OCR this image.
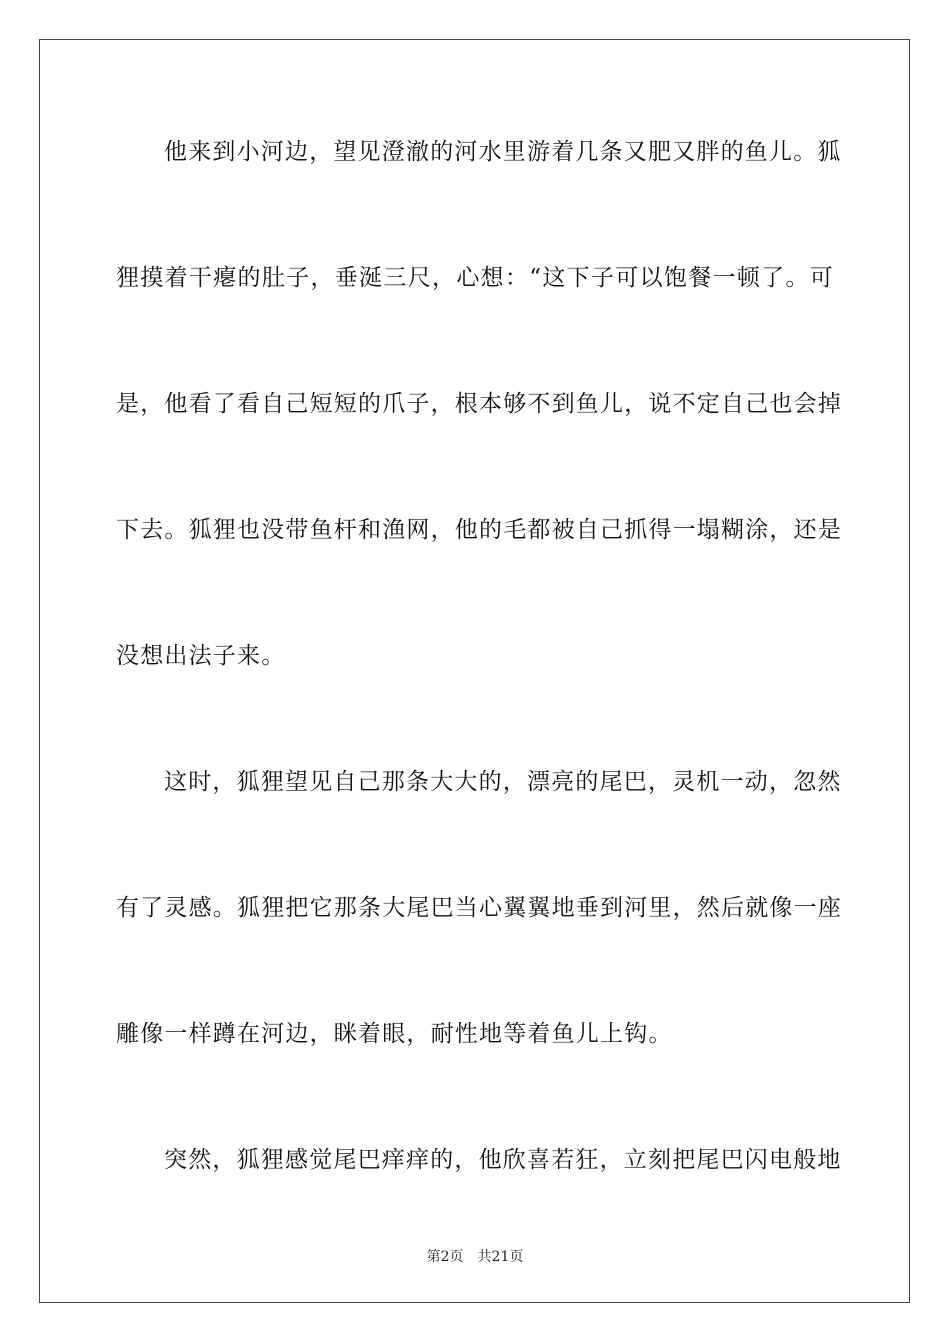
他来到小河边，望见澄澈的河水里游着几条又肥又胖的鱼儿。狐
狸摸着干瘪的肚子，垂涎三尺，心想：“这下子可以饱餐一顿了。可
是，他看了看自己短短的爪子，根本够不到鱼儿，说不定自己也会掉
下去。狐狸也没带鱼杆和渔网，他的毛都被自己抓得一塌糊涂，还是
没想出法子来。
这时，狐狸望见自己那条大大的，漂亮的尾巴，灵机一动，忽然
有了灵感。狐狸把它那条大尾巴当心翼翼地垂到河里，然后就像一座
雕像一样蹲在河边，眯着眼，耐性地等着鱼儿上钩。
突然，狐狸感觉尾巴痒痒的，他欣喜若狂，立刻把尾巴闪电般地
第2页 共21页
